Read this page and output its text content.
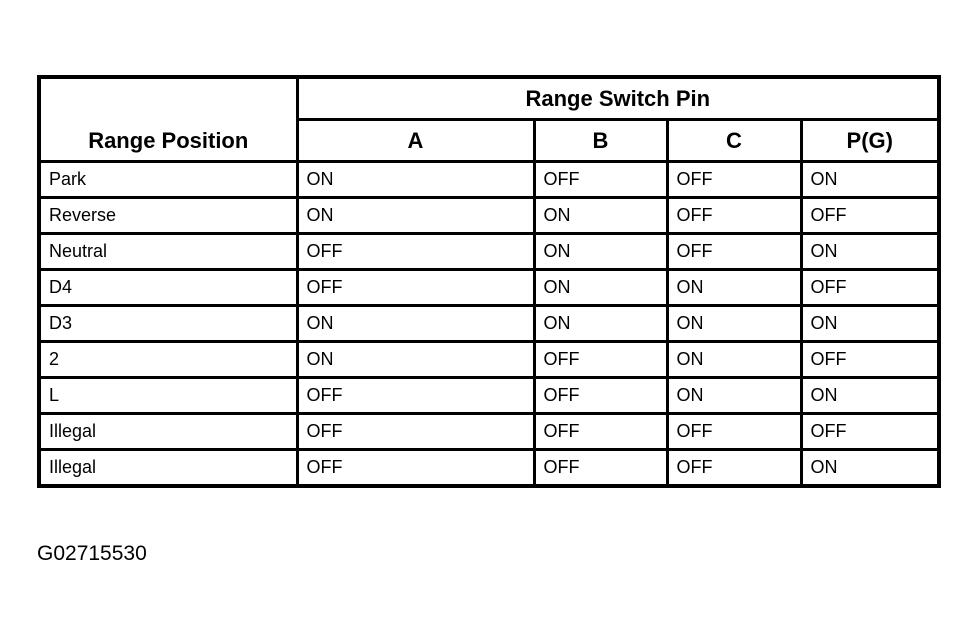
Range Position	Range Switch Pin			
	A	B	C	P(G)
Park	ON	OFF	OFF	ON
Reverse	ON	ON	OFF	OFF
Neutral	OFF	ON	OFF	ON
D4	OFF	ON	ON	OFF
D3	ON	ON	ON	ON
2	ON	OFF	ON	OFF
L	OFF	OFF	ON	ON
Illegal	OFF	OFF	OFF	OFF
Illegal	OFF	OFF	OFF	ON
G02715530
